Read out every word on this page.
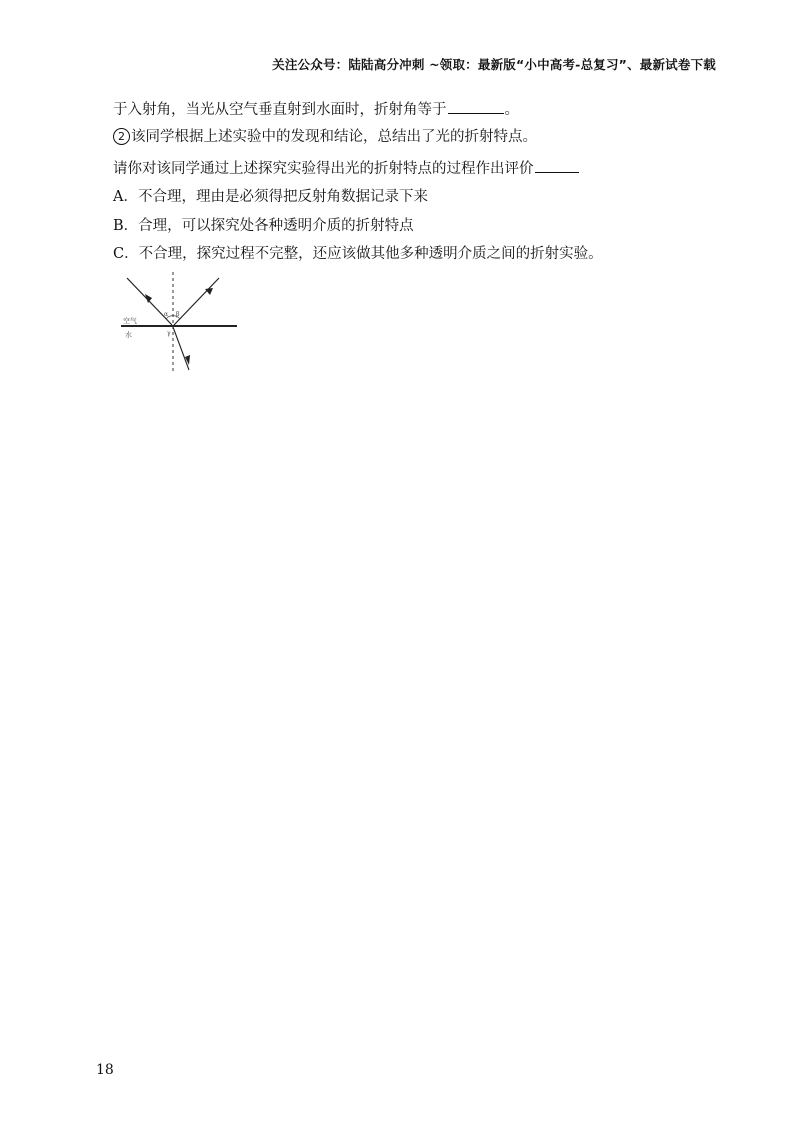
关注公众号：陆陆高分冲刺 ~领取：最新版“小中高考-总复习”、最新试卷下载
于入射角，当光从空气垂直射到水面时，折射角等于	。
2 该同学根据上述实验中的发现和结论，总结出了光的折射特点。
请你对该同学通过上述探究实验得出光的折射特点的过程作出评价
A．不合理，理由是必须得把反射角数据记录下来
B．合理，可以探究处各种透明介质的折射特点
C．不合理，探究过程不完整，还应该做其他多种透明介质之间的折射实验。
空气
水
α β
γ
18
